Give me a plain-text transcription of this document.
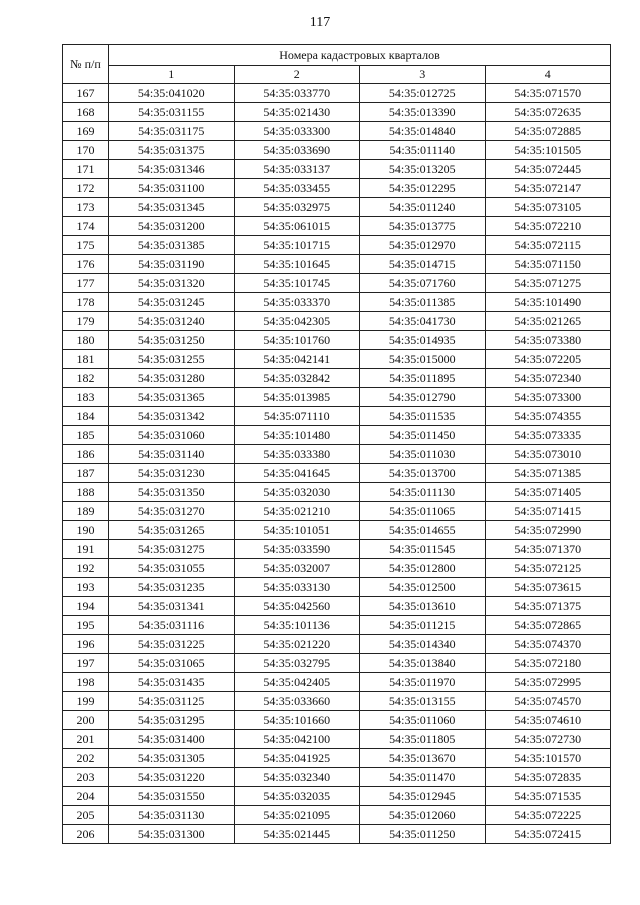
117
№ п/п	Номера кадастровых кварталов			
	1	2	3	4
167	54:35:041020	54:35:033770	54:35:012725	54:35:071570
168	54:35:031155	54:35:021430	54:35:013390	54:35:072635
169	54:35:031175	54:35:033300	54:35:014840	54:35:072885
170	54:35:031375	54:35:033690	54:35:011140	54:35:101505
171	54:35:031346	54:35:033137	54:35:013205	54:35:072445
172	54:35:031100	54:35:033455	54:35:012295	54:35:072147
173	54:35:031345	54:35:032975	54:35:011240	54:35:073105
174	54:35:031200	54:35:061015	54:35:013775	54:35:072210
175	54:35:031385	54:35:101715	54:35:012970	54:35:072115
176	54:35:031190	54:35:101645	54:35:014715	54:35:071150
177	54:35:031320	54:35:101745	54:35:071760	54:35:071275
178	54:35:031245	54:35:033370	54:35:011385	54:35:101490
179	54:35:031240	54:35:042305	54:35:041730	54:35:021265
180	54:35:031250	54:35:101760	54:35:014935	54:35:073380
181	54:35:031255	54:35:042141	54:35:015000	54:35:072205
182	54:35:031280	54:35:032842	54:35:011895	54:35:072340
183	54:35:031365	54:35:013985	54:35:012790	54:35:073300
184	54:35:031342	54:35:071110	54:35:011535	54:35:074355
185	54:35:031060	54:35:101480	54:35:011450	54:35:073335
186	54:35:031140	54:35:033380	54:35:011030	54:35:073010
187	54:35:031230	54:35:041645	54:35:013700	54:35:071385
188	54:35:031350	54:35:032030	54:35:011130	54:35:071405
189	54:35:031270	54:35:021210	54:35:011065	54:35:071415
190	54:35:031265	54:35:101051	54:35:014655	54:35:072990
191	54:35:031275	54:35:033590	54:35:011545	54:35:071370
192	54:35:031055	54:35:032007	54:35:012800	54:35:072125
193	54:35:031235	54:35:033130	54:35:012500	54:35:073615
194	54:35:031341	54:35:042560	54:35:013610	54:35:071375
195	54:35:031116	54:35:101136	54:35:011215	54:35:072865
196	54:35:031225	54:35:021220	54:35:014340	54:35:074370
197	54:35:031065	54:35:032795	54:35:013840	54:35:072180
198	54:35:031435	54:35:042405	54:35:011970	54:35:072995
199	54:35:031125	54:35:033660	54:35:013155	54:35:074570
200	54:35:031295	54:35:101660	54:35:011060	54:35:074610
201	54:35:031400	54:35:042100	54:35:011805	54:35:072730
202	54:35:031305	54:35:041925	54:35:013670	54:35:101570
203	54:35:031220	54:35:032340	54:35:011470	54:35:072835
204	54:35:031550	54:35:032035	54:35:012945	54:35:071535
205	54:35:031130	54:35:021095	54:35:012060	54:35:072225
206	54:35:031300	54:35:021445	54:35:011250	54:35:072415
